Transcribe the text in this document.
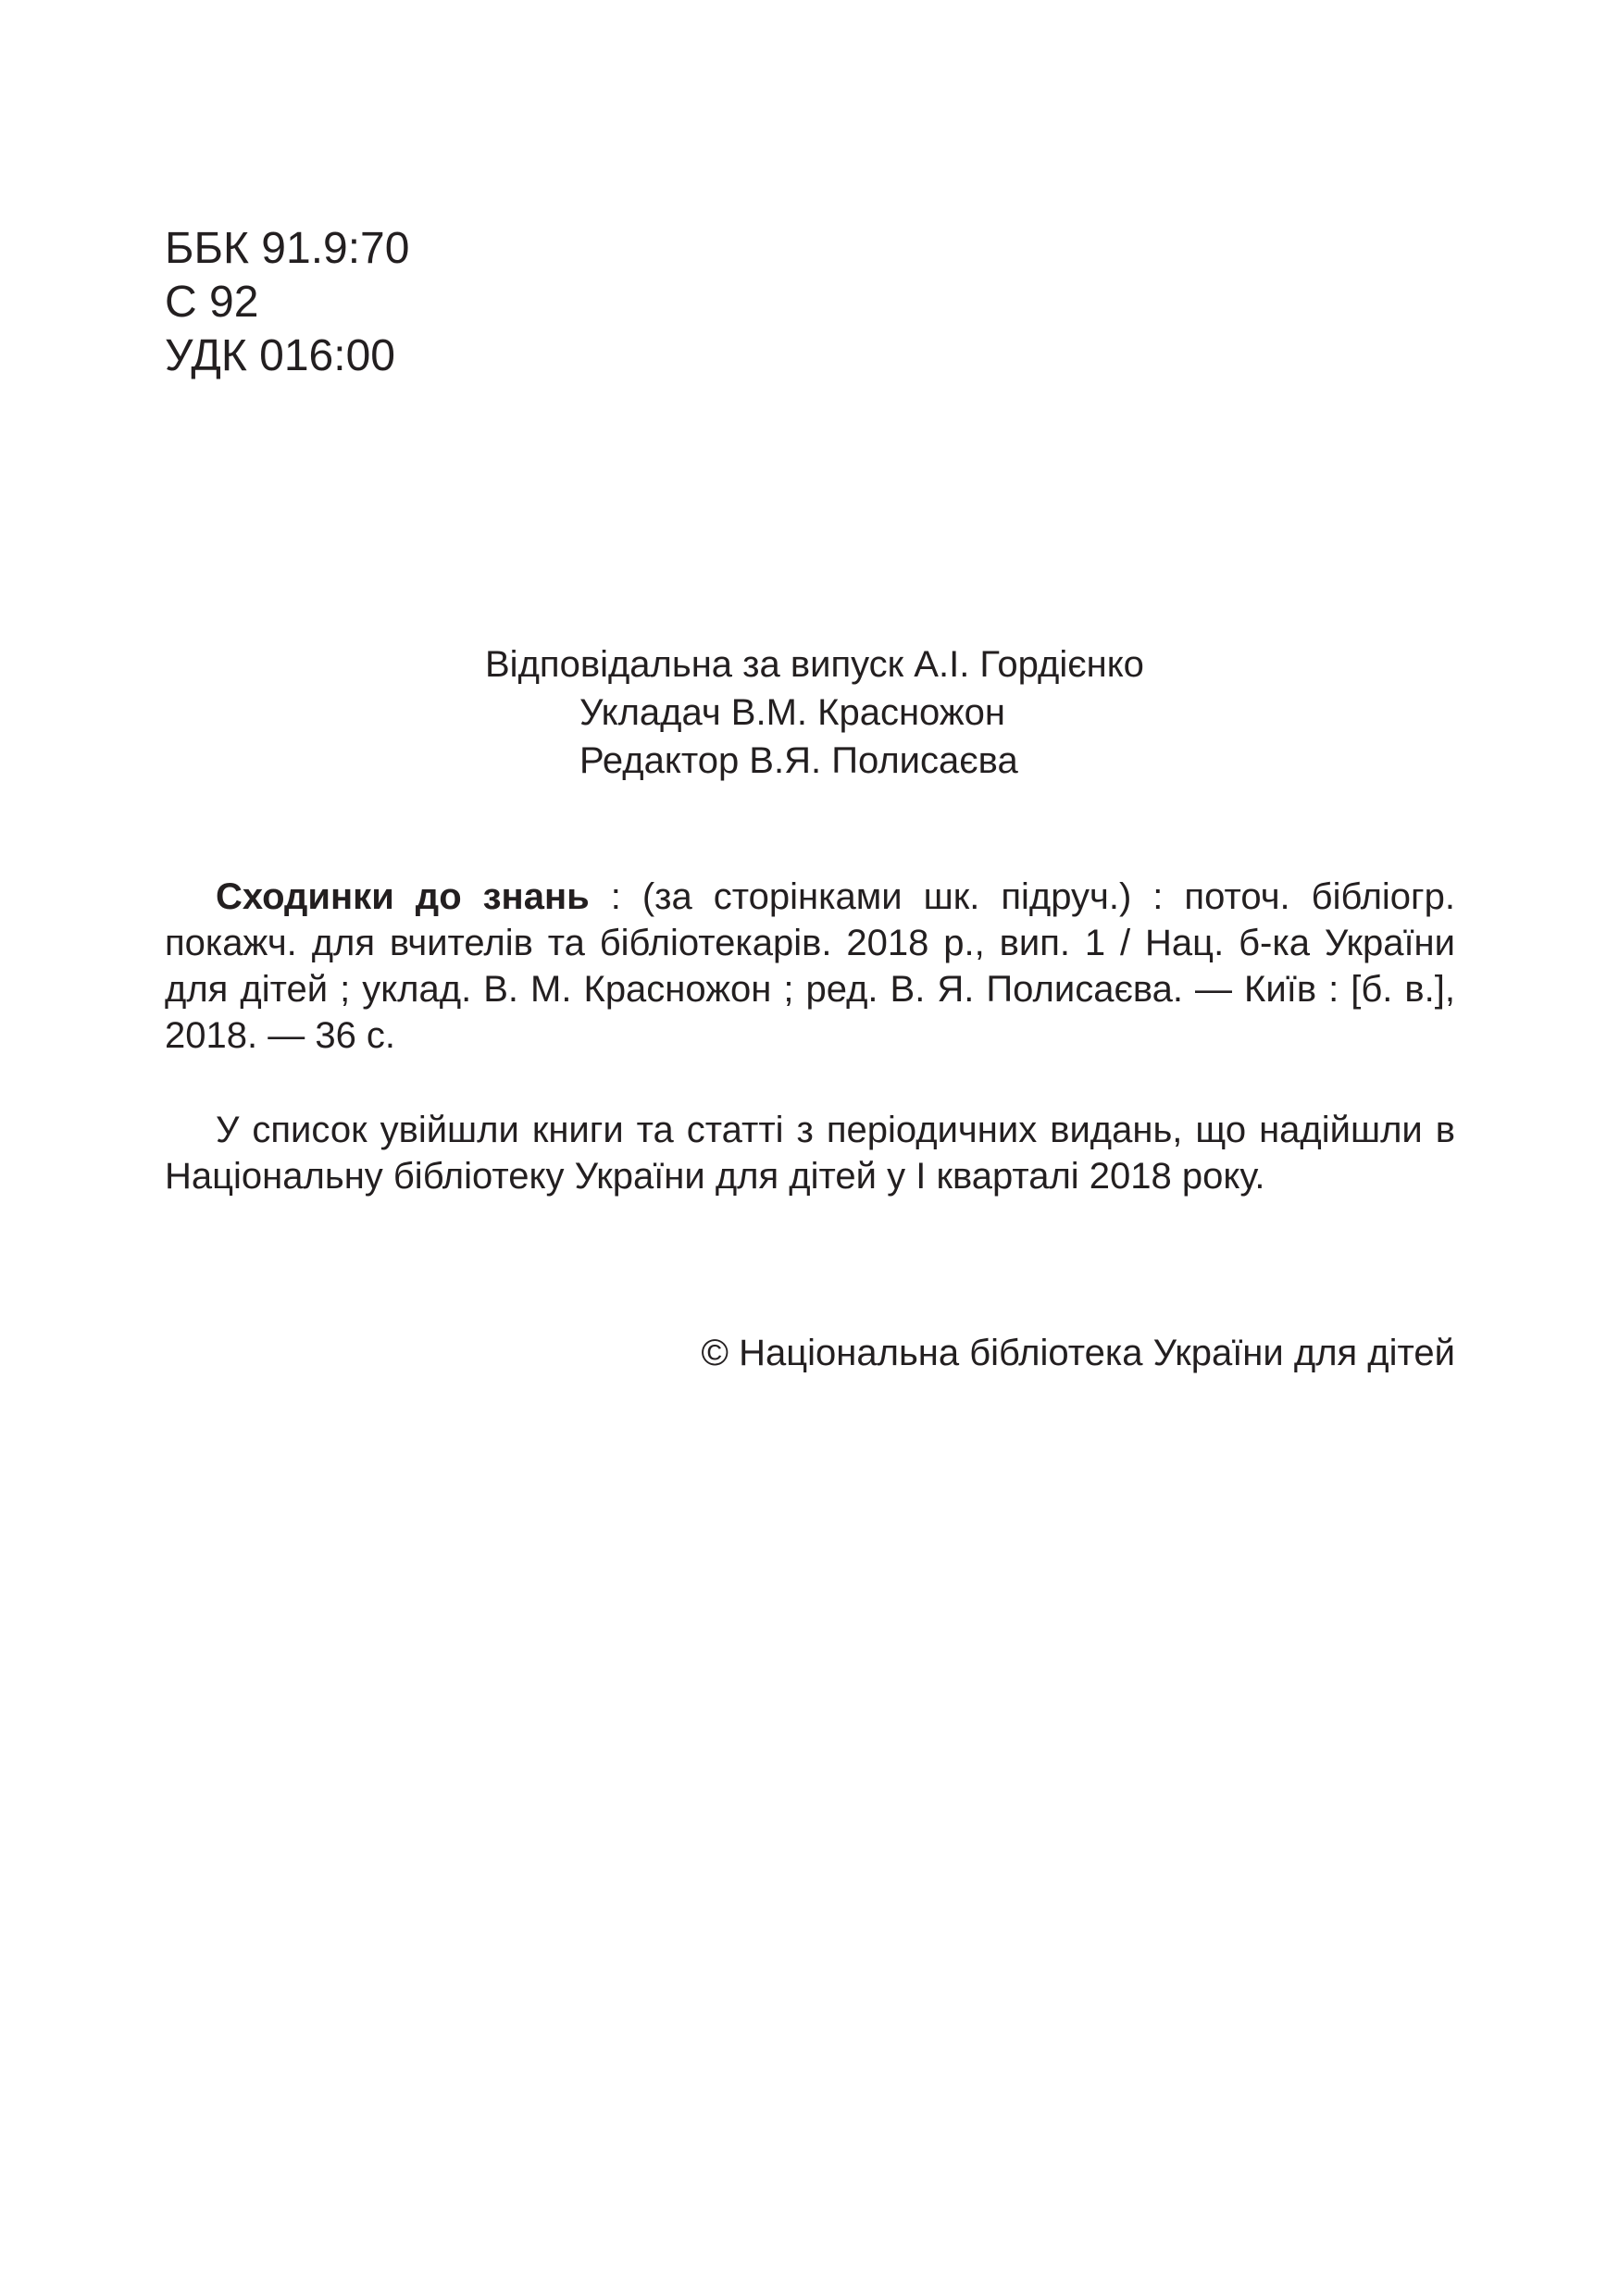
ББК 91.9:70
С 92
УДК 016:00
Відповідальна за випуск А.І. Гордієнко
Укладач В.М. Красножон
Редактор В.Я. Полисаєва
Сходинки до знань : (за сторінками шк. підруч.) : поточ. бібліогр. покажч. для вчителів та бібліотекарів. 2018 р., вип. 1 / Нац. б-ка України для дітей ; уклад. В. М. Красножон ; ред. В. Я. Полисаєва. — Київ : [б. в.], 2018. — 36 с.
У список увійшли книги та статті з періодичних видань, що надійшли в Національну бібліотеку України для дітей у І кварталі 2018 року.
© Національна бібліотека України для дітей
